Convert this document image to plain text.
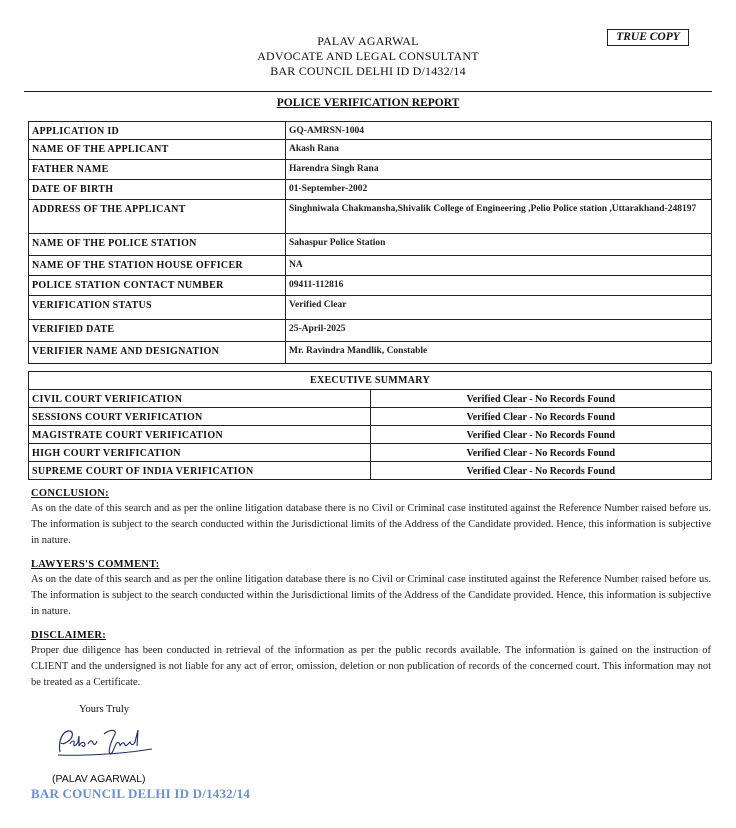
PALAV AGARWAL
ADVOCATE AND LEGAL CONSULTANT
BAR COUNCIL DELHI ID D/1432/14
TRUE COPY
POLICE VERIFICATION REPORT
APPLICATION ID	GQ-AMRSN-1004
NAME OF THE APPLICANT	Akash Rana
FATHER NAME	Harendra Singh Rana
DATE OF BIRTH	01-September-2002
ADDRESS OF THE APPLICANT	Singhniwala Chakmansha,Shivalik College of Engineering ,Pelio Police station ,Uttarakhand-248197
NAME OF THE POLICE STATION	Sahaspur Police Station
NAME OF THE STATION HOUSE OFFICER	NA
POLICE STATION CONTACT NUMBER	09411-112816
VERIFICATION STATUS	Verified Clear
VERIFIED DATE	25-April-2025
VERIFIER NAME AND DESIGNATION	Mr. Ravindra Mandlik, Constable
EXECUTIVE SUMMARY	
CIVIL COURT VERIFICATION	Verified Clear - No Records Found
SESSIONS COURT VERIFICATION	Verified Clear - No Records Found
MAGISTRATE COURT VERIFICATION	Verified Clear - No Records Found
HIGH COURT VERIFICATION	Verified Clear - No Records Found
SUPREME COURT OF INDIA VERIFICATION	Verified Clear - No Records Found
CONCLUSION:
As on the date of this search and as per the online litigation database there is no Civil or Criminal case instituted against the Reference Number raised before us. The information is subject to the search conducted within the Jurisdictional limits of the Address of the Candidate provided. Hence, this information is subjective in nature.
LAWYERS'S COMMENT:
As on the date of this search and as per the online litigation database there is no Civil or Criminal case instituted against the Reference Number raised before us. The information is subject to the search conducted within the Jurisdictional limits of the Address of the Candidate provided. Hence, this information is subjective in nature.
DISCLAIMER:
Proper due diligence has been conducted in retrieval of the information as per the public records available. The information is gained on the instruction of CLIENT and the undersigned is not liable for any act of error, omission, deletion or non publication of records of the concerned court. This information may not be treated as a Certificate.
Yours Truly
(PALAV AGARWAL)
BAR COUNCIL DELHI ID D/1432/14
